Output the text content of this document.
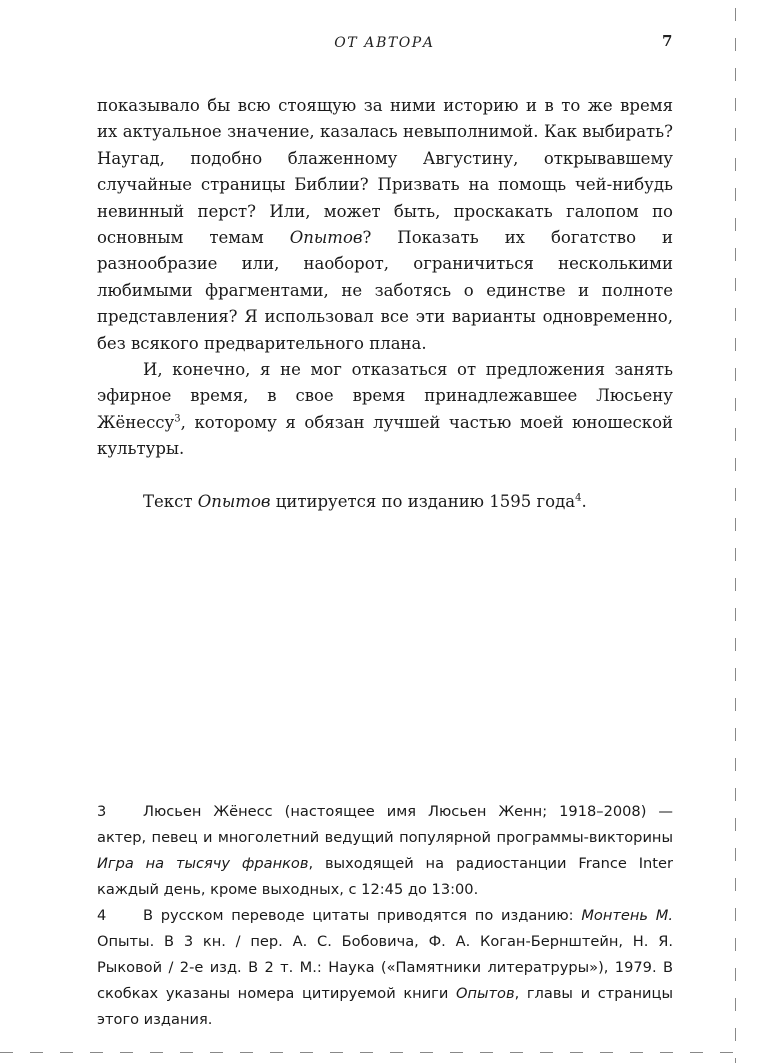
ОТ АВТОРА	7

показывало бы всю стоящую за ними историю и в то же время их актуальное значение, казалась невыполнимой. Как выбирать? Наугад, подобно блаженному Августину, открывавшему случайные страницы Библии? Призвать на помощь чей-нибудь невинный перст? Или, может быть, проскакать галопом по основным темам Опытов? Показать их богатство и разнообразие или, наоборот, ограничиться несколькими любимыми фрагментами, не заботясь о единстве и полноте представления? Я использовал все эти варианты одновременно, без всякого предварительного плана.

И, конечно, я не мог отказаться от предложения занять эфирное время, в свое время принадлежавшее Люсьену Жёнессу$^3$, которому я обязан лучшей частью моей юношеской культуры.

Текст Опытов цитируется по изданию 1595 года$^4$.

3	Люсьен Жёнесс (настоящее имя Люсьен Женн; 1918–2008) — актер, певец и многолетний ведущий популярной программы-викторины Игра на тысячу франков, выходящей на радиостанции France Inter каждый день, кроме выходных, с 12:45 до 13:00.
4	В русском переводе цитаты приводятся по изданию: Монтень М. Опыты. В 3 кн. / пер. А. С. Бобовича, Ф. А. Коган-Бернштейн, Н. Я. Рыковой / 2-е изд. В 2 т. М.: Наука («Памятники литератруры»), 1979. В скобках указаны номера цитируемой книги Опытов, главы и страницы этого издания.
